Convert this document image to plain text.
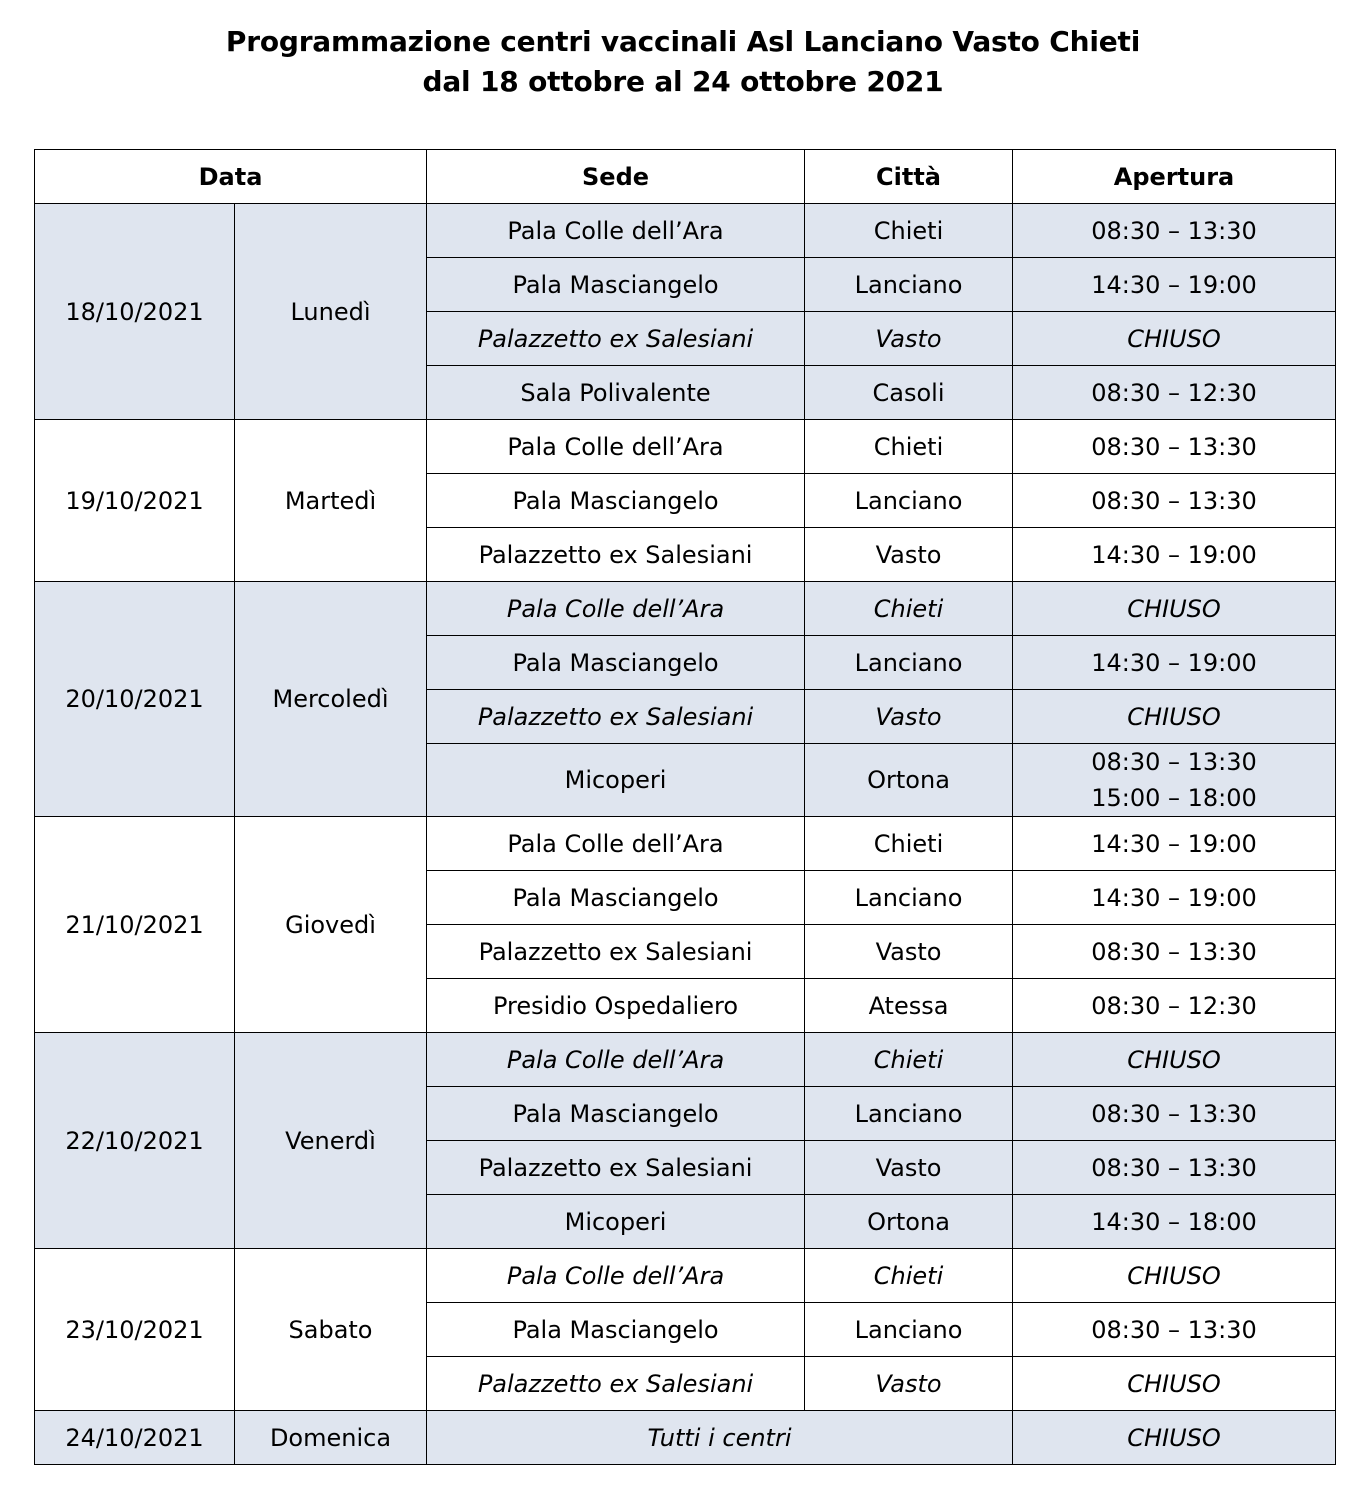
Programmazione centri vaccinali Asl Lanciano Vasto Chieti
dal 18 ottobre al 24 ottobre 2021
Data		Sede	Città	Apertura
18/10/2021	Lunedì	Pala Colle dell’Ara	Chieti	08:30 – 13:30
		Pala Masciangelo	Lanciano	14:30 – 19:00
		Palazzetto ex Salesiani	Vasto	CHIUSO
		Sala Polivalente	Casoli	08:30 – 12:30
19/10/2021	Martedì	Pala Colle dell’Ara	Chieti	08:30 – 13:30
		Pala Masciangelo	Lanciano	08:30 – 13:30
		Palazzetto ex Salesiani	Vasto	14:30 – 19:00
20/10/2021	Mercoledì	Pala Colle dell’Ara	Chieti	CHIUSO
		Pala Masciangelo	Lanciano	14:30 – 19:00
		Palazzetto ex Salesiani	Vasto	CHIUSO
		Micoperi	Ortona	08:30 – 13:30
15:00 – 18:00

21/10/2021	Giovedì	Pala Colle dell’Ara	Chieti	14:30 – 19:00
		Pala Masciangelo	Lanciano	14:30 – 19:00
		Palazzetto ex Salesiani	Vasto	08:30 – 13:30
		Presidio Ospedaliero	Atessa	08:30 – 12:30
22/10/2021	Venerdì	Pala Colle dell’Ara	Chieti	CHIUSO
		Pala Masciangelo	Lanciano	08:30 – 13:30
		Palazzetto ex Salesiani	Vasto	08:30 – 13:30
		Micoperi	Ortona	14:30 – 18:00
23/10/2021	Sabato	Pala Colle dell’Ara	Chieti	CHIUSO
		Pala Masciangelo	Lanciano	08:30 – 13:30
		Palazzetto ex Salesiani	Vasto	CHIUSO
24/10/2021	Domenica	Tutti i centri		CHIUSO
